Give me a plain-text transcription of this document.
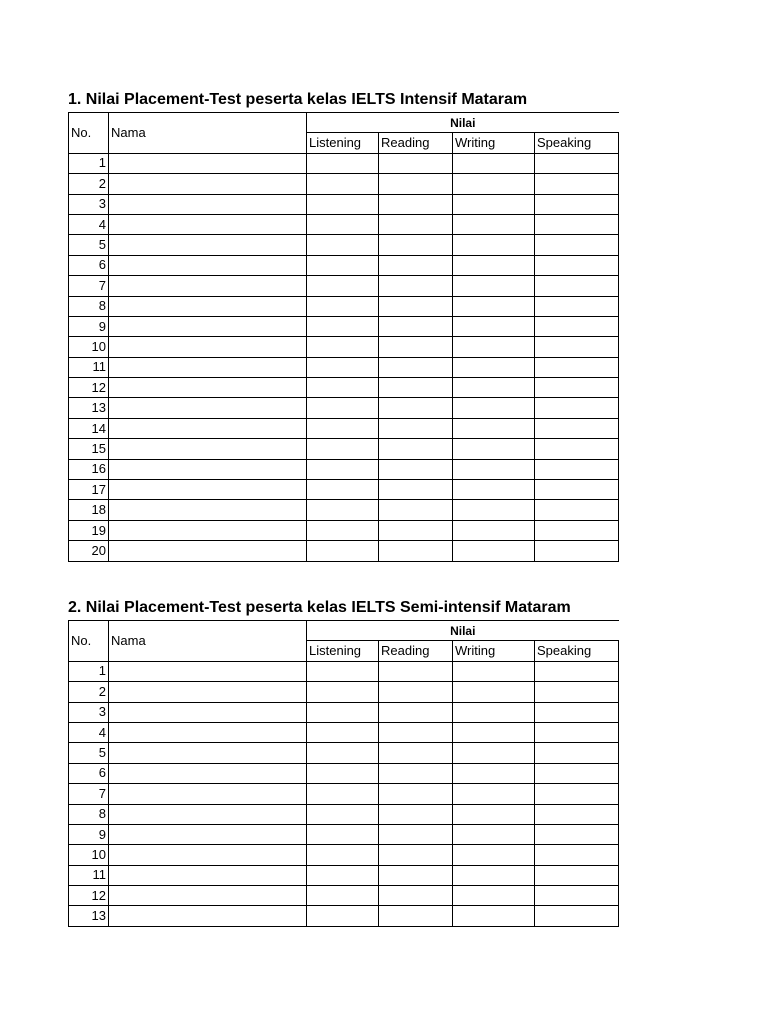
1. Nilai Placement-Test peserta kelas IELTS Intensif Mataram
No.	Nama	Nilai			
		Listening	Reading	Writing	Speaking
1					
2					
3					
4					
5					
6					
7					
8					
9					
10					
11					
12					
13					
14					
15					
16					
17					
18					
19					
20					
2. Nilai Placement-Test peserta kelas IELTS Semi-intensif Mataram
No.	Nama	Nilai			
		Listening	Reading	Writing	Speaking
1					
2					
3					
4					
5					
6					
7					
8					
9					
10					
11					
12					
13					
